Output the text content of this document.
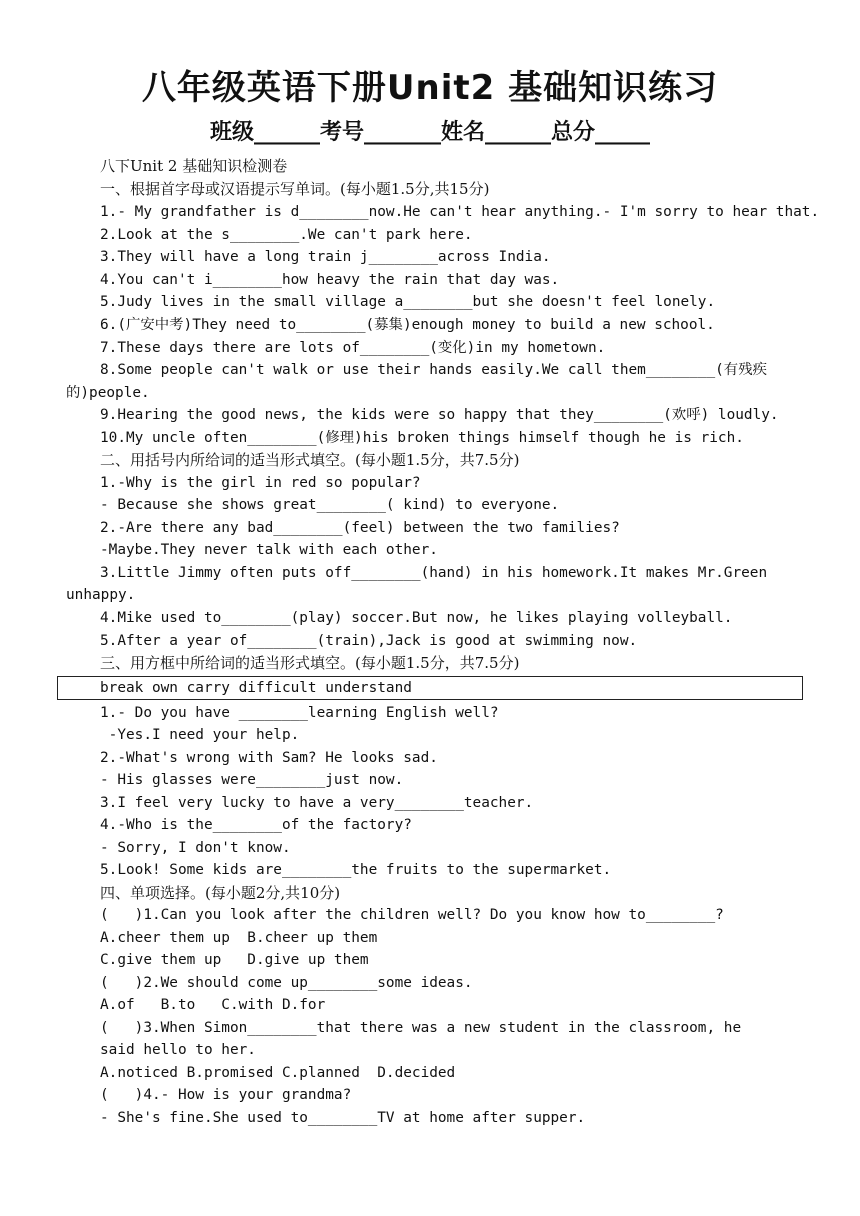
八年级英语下册Unit2 基础知识练习
班级______考号_______姓名______总分_____
八下Unit 2 基础知识检测卷
一、根据首字母或汉语提示写单词。(每小题1.5分,共15分)
1.- My grandfather is d________now.He can't hear anything.- I'm sorry to hear that.
2.Look at the s________.We can't park here.
3.They will have a long train j________across India.
4.You can't i________how heavy the rain that day was.
5.Judy lives in the small village a________but she doesn't feel lonely.
6.(广安中考)They need to________(募集)enough money to build a new school.
7.These days there are lots of________(变化)in my hometown.
8.Some people can't walk or use their hands easily.We call them________(有残疾
的)people.
9.Hearing the good news, the kids were so happy that they________(欢呼) loudly.
10.My uncle often________(修理)his broken things himself though he is rich.
二、用括号内所给词的适当形式填空。(每小题1.5分，共7.5分)
1.-Why is the girl in red so popular?
- Because she shows great________( kind) to everyone.
2.-Are there any bad________(feel) between the two families?
-Maybe.They never talk with each other.
3.Little Jimmy often puts off________(hand) in his homework.It makes Mr.Green
unhappy.
4.Mike used to________(play) soccer.But now, he likes playing volleyball.
5.After a year of________(train),Jack is good at swimming now.
三、用方框中所给词的适当形式填空。(每小题1.5分，共7.5分)
break own carry difficult understand
1.- Do you have ________learning English well?
-Yes.I need your help.
2.-What's wrong with Sam? He looks sad.
- His glasses were________just now.
3.I feel very lucky to have a very________teacher.
4.-Who is the________of the factory?
- Sorry, I don't know.
5.Look! Some kids are________the fruits to the supermarket.
四、单项选择。(每小题2分,共10分)
(   )1.Can you look after the children well? Do you know how to________?
A.cheer them up  B.cheer up them
C.give them up   D.give up them
(   )2.We should come up________some ideas.
A.of   B.to   C.with D.for
(   )3.When Simon________that there was a new student in the classroom, he
said hello to her.
A.noticed B.promised C.planned  D.decided
(   )4.- How is your grandma?
- She's fine.She used to________TV at home after supper.
